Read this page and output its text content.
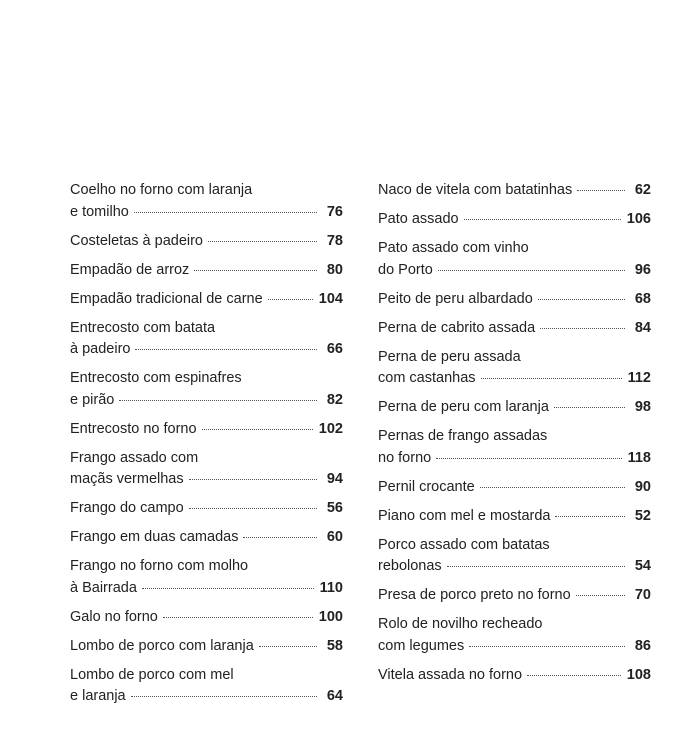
Coelho no forno com laranja
e tomilho	76
Costeletas à padeiro	78
Empadão de arroz	80
Empadão tradicional de carne	104
Entrecosto com batata
à padeiro	66
Entrecosto com espinafres
e pirão	82
Entrecosto no forno	102
Frango assado com
maçãs vermelhas	94
Frango do campo	56
Frango em duas camadas	60
Frango no forno com molho
à Bairrada	110
Galo no forno	100
Lombo de porco com laranja	58
Lombo de porco com mel
e laranja	64
Naco de vitela com batatinhas	62
Pato assado	106
Pato assado com vinho
do Porto	96
Peito de peru albardado	68
Perna de cabrito assada	84
Perna de peru assada
com castanhas	112
Perna de peru com laranja	98
Pernas de frango assadas
no forno	118
Pernil crocante	90
Piano com mel e mostarda	52
Porco assado com batatas
rebolonas	54
Presa de porco preto no forno	70
Rolo de novilho recheado
com legumes	86
Vitela assada no forno	108
